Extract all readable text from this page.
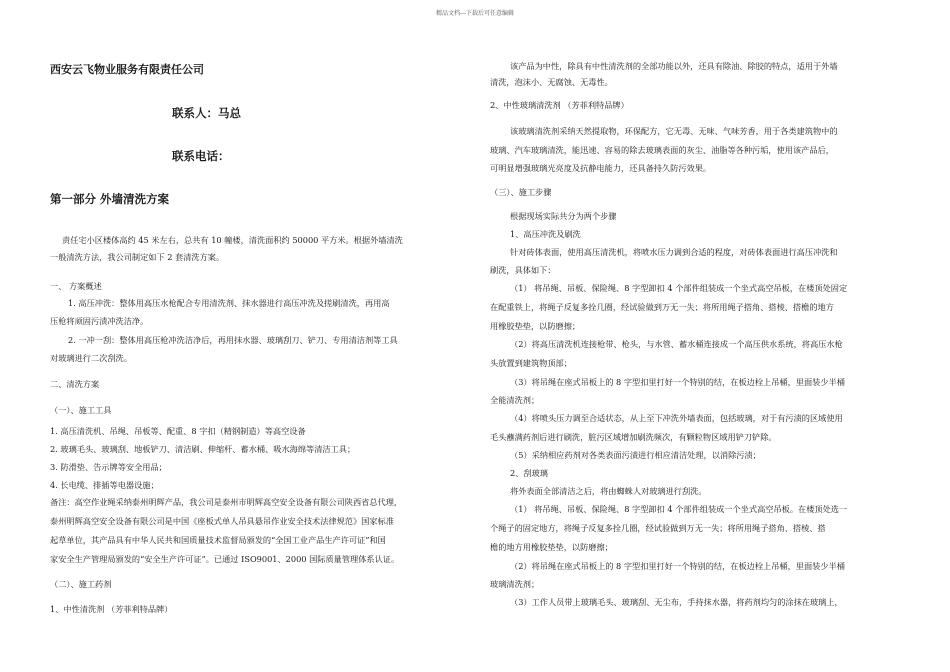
精品文档---下载后可任意编辑
西安云飞物业服务有限责任公司
联系人：马总
联系电话：
第一部分 外墙清洗方案
责任宅小区楼体高约 45 米左右，总共有 10 幢楼，清洗面积约 50000 平方米。根据外墙清洗
一般清洗方法，我公司制定如下 2 套清洗方案。
一、 方案概述
1. 高压冲洗：整体用高压水枪配合专用清洗剂、抹水器进行高压冲洗及搓刷清洗，再用高
压枪将顽固污渍冲洗洁净。
2. 一冲一刮：整体用高压枪冲洗洁净后，再用抹水器、玻璃刮刀、铲刀、专用清洁剂等工具
对玻璃进行二次刮洗。
二、清洗方案
（一）、施工工具
1. 高压清洗机、吊绳、吊板等、配重、8 字扣（精钢制造）等高空设备
2. 玻璃毛头、玻璃刮、地板铲刀、清洁刷、伸缩杆、蓄水桶、吸水海绵等清洁工具；
3. 防滑垫、告示牌等安全用品；
4. 长电缆、排插等电器设施；
备注：高空作业绳采纳泰州明辉产品，我公司是泰州市明辉高空安全设备有限公司陕西省总代理，
泰州明辉高空安全设备有限公司是中国《座板式单人吊具悬吊作业安全技术法律规范》国家标准
起草单位，其产品具有中华人民共和国质量技术监督局颁发的“全国工业产品生产许可证”和国
家安全生产管理局颁发的“安全生产许可证”。已通过 ISO9001、2000 国际质量管理体系认证。
（二）、施工药剂
1、中性清洗剂 （芳菲利特品牌）
该产品为中性，除具有中性清洗剂的全部功能以外，还具有除油、除胶的特点，适用于外墙
清洗，泡沫小、无腐蚀、无毒性。
2、中性玻璃清洗剂 （芳菲利特品牌）
该玻璃清洗剂采纳天然提取物，环保配方，它无毒、无味、气味芳香，用于各类建筑物中的
玻璃、汽车玻璃清洗，能迅速、容易的除去玻璃表面的灰尘、油脂等各种污垢，使用该产品后，
可明显增强玻璃光亮度及抗静电能力，还具备持久防污效果。
（三）、施工步骤
根据现场实际共分为两个步骤
1、高压冲洗及刷洗
针对砖体表面，使用高压清洗机，将喷水压力调到合适的程度，对砖体表面进行高压冲洗和
刷洗，具体如下：
（1） 将吊绳、吊板、保险绳、8 字型卸扣 4 个部件组装成一个坐式高空吊板，在楼顶处固定
在配重铁上，将绳子反复多拴几圈，经试验做到万无一失；将所用绳子搭角、搭棱、搭檐的地方
用橡胶垫垫，以防磨擦；
（2）将高压清洗机连接枪带、枪头，与水管、蓄水桶连接成一个高压供水系统，将高压水枪
头放置到建筑物顶部；
（3）将吊绳在座式吊板上的 8 字型扣里打好一个特别的结，在板边栓上吊桶，里面装少半桶
全能清洗剂；
（4）将喷头压力调至合适状态，从上至下冲洗外墙表面，包括玻璃，对于有污渍的区域使用
毛头蘸满药剂后进行刷洗，脏污区域增加刷洗频次，有颗粒物区域用铲刀铲除。
（5）采纳相应药剂对各类表面污渍进行相应清洁处理，以消除污渍；
2、刮玻璃
将外表面全部清洁之后，将由蜘蛛人对玻璃进行刮洗。
（1） 将吊绳、吊板、保险绳、8 字型卸扣 4 个部件组装成一个坐式高空吊板。在楼顶处选一
个绳子的固定地方，将绳子反复多拴几圈，经试验做到万无一失；将所用绳子搭角、搭棱、搭
檐的地方用橡胶垫垫，以防磨擦；
（2）将吊绳在座式吊板上的 8 字型扣里打好一个特别的结，在板边栓上吊桶，里面装少半桶
玻璃清洗剂；
（3）工作人员带上玻璃毛头、玻璃刮、无尘布，手持抹水器，将药剂均匀的涂抹在玻璃上，
